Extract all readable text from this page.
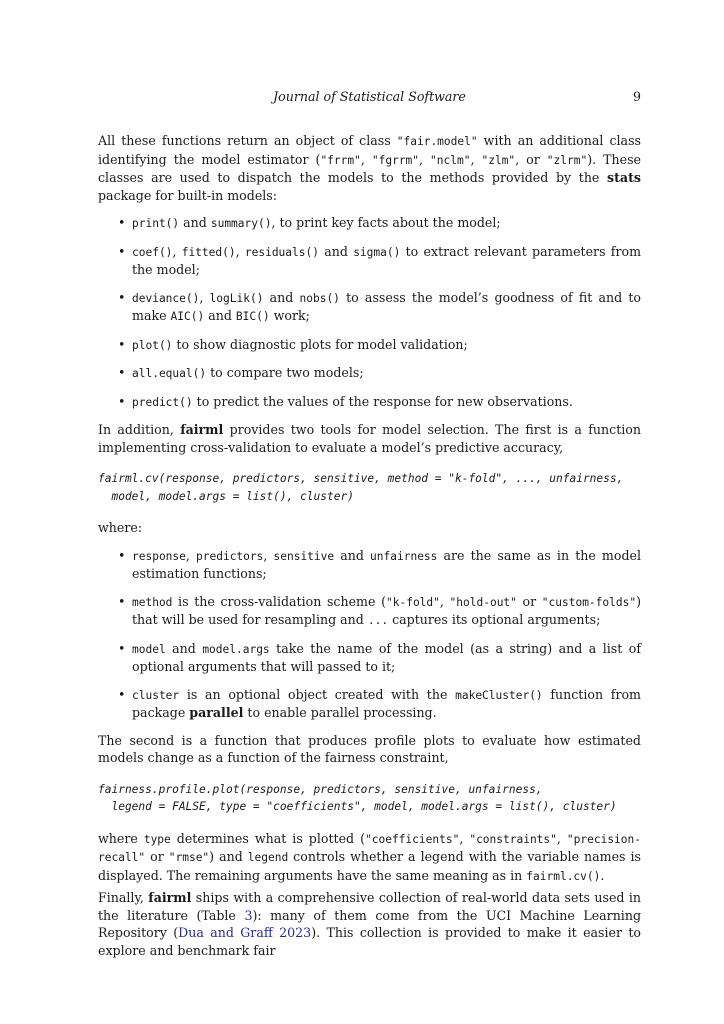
Journal of Statistical Software	9

All these functions return an object of class "fair.model" with an additional class identifying the model estimator ("frrm", "fgrrm", "nclm", "zlm", or "zlrm"). These classes are used to dispatch the models to the methods provided by the stats package for built-in models:

• print() and summary(), to print key facts about the model;
• coef(), fitted(), residuals() and sigma() to extract relevant parameters from the model;
• deviance(), logLik() and nobs() to assess the model’s goodness of fit and to make AIC() and BIC() work;
• plot() to show diagnostic plots for model validation;
• all.equal() to compare two models;
• predict() to predict the values of the response for new observations.

In addition, fairml provides two tools for model selection. The first is a function implementing cross-validation to evaluate a model’s predictive accuracy,

fairml.cv(response, predictors, sensitive, method = "k-fold", ..., unfairness,
model, model.args = list(), cluster)

where:

• response, predictors, sensitive and unfairness are the same as in the model estimation functions;
• method is the cross-validation scheme ("k-fold", "hold-out" or "custom-folds") that will be used for resampling and ... captures its optional arguments;
• model and model.args take the name of the model (as a string) and a list of optional arguments that will passed to it;
• cluster is an optional object created with the makeCluster() function from package parallel to enable parallel processing.

The second is a function that produces profile plots to evaluate how estimated models change as a function of the fairness constraint,

fairness.profile.plot(response, predictors, sensitive, unfairness,
legend = FALSE, type = "coefficients", model, model.args = list(), cluster)

where type determines what is plotted ("coefficients", "constraints", "precision-recall" or "rmse") and legend controls whether a legend with the variable names is displayed. The remaining arguments have the same meaning as in fairml.cv().

Finally, fairml ships with a comprehensive collection of real-world data sets used in the literature (Table 3): many of them come from the UCI Machine Learning Repository (Dua and Graff 2023). This collection is provided to make it easier to explore and benchmark fair
